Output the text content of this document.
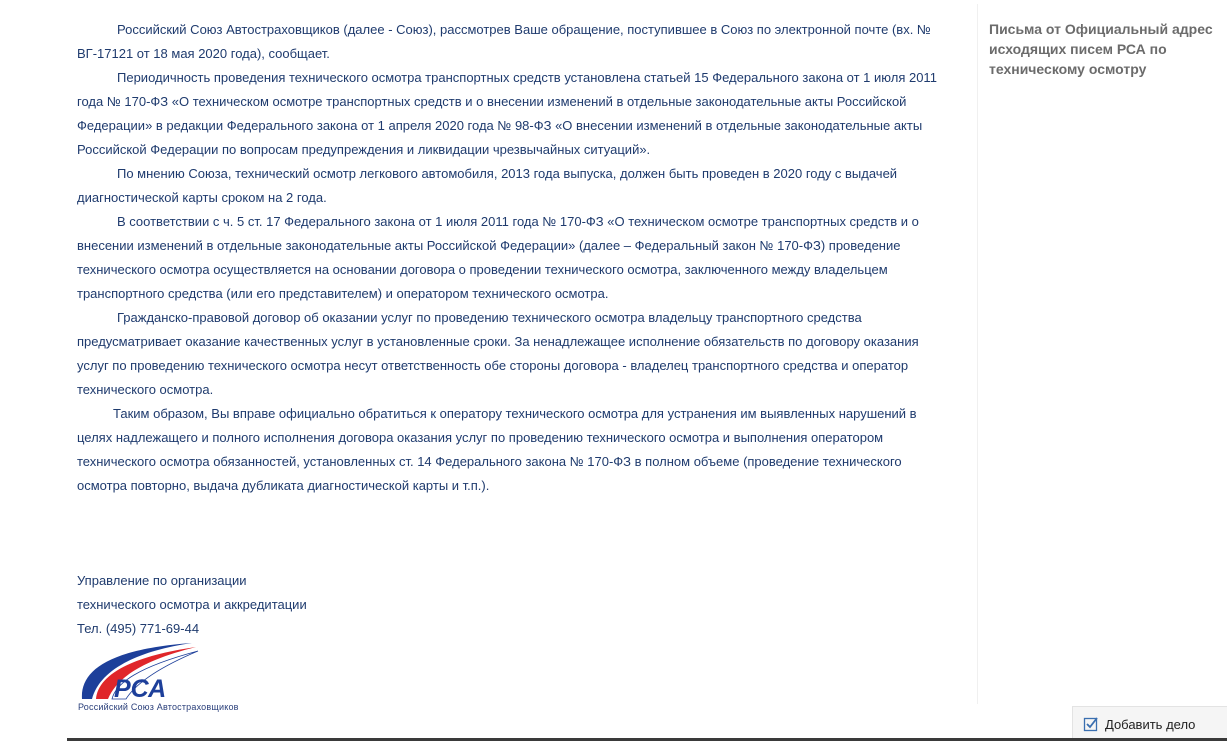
Российский Союз Автостраховщиков (далее - Союз), рассмотрев Ваше обращение, поступившее в Союз по электронной почте (вх. № ВГ-17121 от 18 мая 2020 года), сообщает.

Периодичность проведения технического осмотра транспортных средств установлена статьей 15 Федерального закона от 1 июля 2011 года № 170-ФЗ «О техническом осмотре транспортных средств и о внесении изменений в отдельные законодательные акты Российской Федерации» в редакции Федерального закона от 1 апреля 2020 года № 98-ФЗ «О внесении изменений в отдельные законодательные акты Российской Федерации по вопросам предупреждения и ликвидации чрезвычайных ситуаций».

По мнению Союза, технический осмотр легкового автомобиля, 2013 года выпуска, должен быть проведен в 2020 году с выдачей диагностической карты сроком на 2 года.

В соответствии с ч. 5 ст. 17 Федерального закона от 1 июля 2011 года № 170-ФЗ «О техническом осмотре транспортных средств и о внесении изменений в отдельные законодательные акты Российской Федерации» (далее – Федеральный закон № 170-ФЗ) проведение технического осмотра осуществляется на основании договора о проведении технического осмотра, заключенного между владельцем транспортного средства (или его представителем) и оператором технического осмотра.

Гражданско-правовой договор об оказании услуг по проведению технического осмотра владельцу транспортного средства предусматривает оказание качественных услуг в установленные сроки. За ненадлежащее исполнение обязательств по договору оказания услуг по проведению технического осмотра несут ответственность обе стороны договора - владелец транспортного средства и оператор технического осмотра.

Таким образом, Вы вправе официально обратиться к оператору технического осмотра для устранения им выявленных нарушений в целях надлежащего и полного исполнения договора оказания услуг по проведению технического осмотра и выполнения оператором технического осмотра обязанностей, установленных ст. 14 Федерального закона № 170-ФЗ в полном объеме (проведение технического осмотра повторно, выдача дубликата диагностической карты и т.п.).

Управление по организации
технического осмотра и аккредитации
Тел. (495) 771-69-44
РСА
Российский Союз Автостраховщиков
Письма от Официальный адрес исходящих писем РСА по техническому осмотру
Добавить дело
